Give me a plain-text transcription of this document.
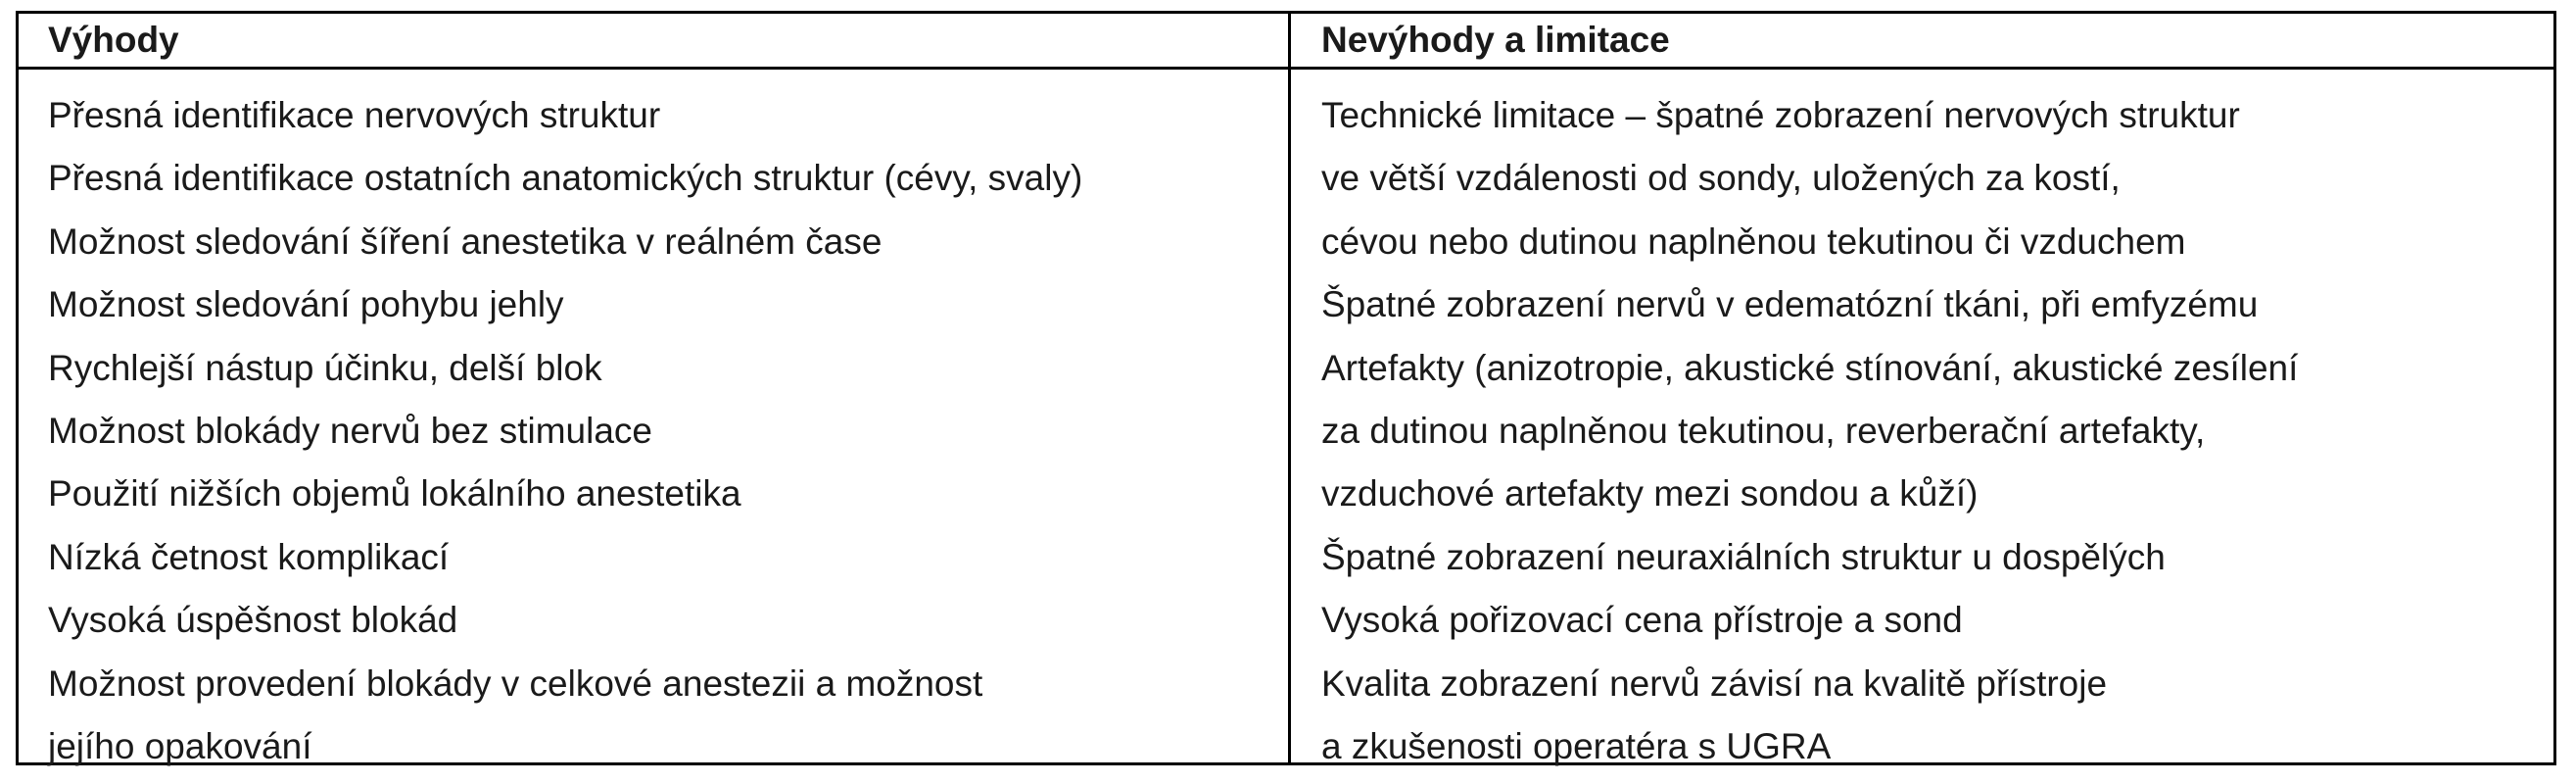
Výhody
Přesná identifikace nervových struktur
Přesná identifikace ostatních anatomických struktur (cévy, svaly)
Možnost sledování šíření anestetika v reálném čase
Možnost sledování pohybu jehly
Rychlejší nástup účinku, delší blok
Možnost blokády nervů bez stimulace
Použití nižších objemů lokálního anestetika
Nízká četnost komplikací
Vysoká úspěšnost blokád
Možnost provedení blokády v celkové anestezii a možnost
jejího opakování
Nevýhody a limitace
Technické limitace – špatné zobrazení nervových struktur
ve větší vzdálenosti od sondy, uložených za kostí,
cévou nebo dutinou naplněnou tekutinou či vzduchem
Špatné zobrazení nervů v edematózní tkáni, při emfyzému
Artefakty (anizotropie, akustické stínování, akustické zesílení
za dutinou naplněnou tekutinou, reverberační artefakty,
vzduchové artefakty mezi sondou a kůží)
Špatné zobrazení neuraxiálních struktur u dospělých
Vysoká pořizovací cena přístroje a sond
Kvalita zobrazení nervů závisí na kvalitě přístroje
a zkušenosti operatéra s UGRA
